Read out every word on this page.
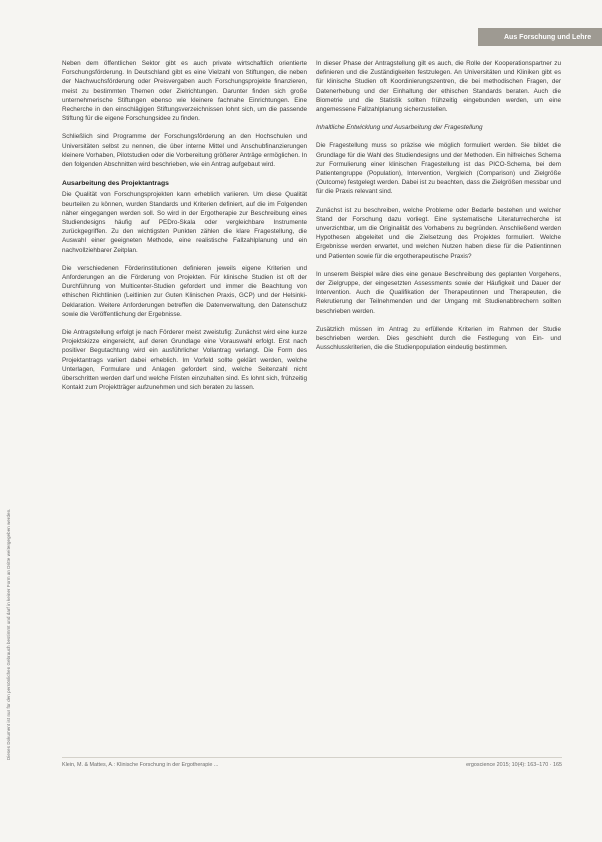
Aus Forschung und Lehre
Dieses Dokument ist nur für den persönlichen Gebrauch bestimmt und darf in keiner Form an Dritte weitergegeben werden.

Neben dem öffentlichen Sektor gibt es auch private wirtschaftlich orientierte Forschungsförderung. In Deutschland gibt es eine Vielzahl von Stiftungen, die neben der Nachwuchsförderung oder Preisvergaben auch Forschungsprojekte finanzieren, meist zu bestimmten Themen oder Zielrichtungen. Darunter finden sich große unternehmerische Stiftungen ebenso wie kleinere fachnahe Einrichtungen. Eine Recherche in den einschlägigen Stiftungsverzeichnissen lohnt sich, um die passende Stiftung für die eigene Forschungsidee zu finden.

Schließlich sind Programme der Forschungsförderung an den Hochschulen und Universitäten selbst zu nennen, die über interne Mittel und Anschubfinanzierungen kleinere Vorhaben, Pilotstudien oder die Vorbereitung größerer Anträge ermöglichen. In den folgenden Abschnitten wird beschrieben, wie ein Antrag aufgebaut wird.

Ausarbeitung des Projektantrags

Die Qualität von Forschungsprojekten kann erheblich variieren. Um diese Qualität beurteilen zu können, wurden Standards und Kriterien definiert, auf die im Folgenden näher eingegangen werden soll. So wird in der Ergotherapie zur Beschreibung eines Studiendesigns häufig auf PEDro-Skala oder vergleichbare Instrumente zurückgegriffen. Zu den wichtigsten Punkten zählen die klare Fragestellung, die Auswahl einer geeigneten Methode, eine realistische Fallzahlplanung und ein nachvollziehbarer Zeitplan.

Die verschiedenen Förderinstitutionen definieren jeweils eigene Kriterien und Anforderungen an die Förderung von Projekten. Für klinische Studien ist oft der Durchführung von Multicenter-Studien gefordert und immer die Beachtung von ethischen Richtlinien (Leitlinien zur Guten Klinischen Praxis, GCP) und der Helsinki-Deklaration. Weitere Anforderungen betreffen die Datenverwaltung, den Datenschutz sowie die Veröffentlichung der Ergebnisse.

Die Antragstellung erfolgt je nach Förderer meist zweistufig: Zunächst wird eine kurze Projektskizze eingereicht, auf deren Grundlage eine Vorauswahl erfolgt. Erst nach positiver Begutachtung wird ein ausführlicher Vollantrag verlangt. Die Form des Projektantrags variiert dabei erheblich. Im Vorfeld sollte geklärt werden, welche Unterlagen, Formulare und Anlagen gefordert sind, welche Seitenzahl nicht überschritten werden darf und welche Fristen einzuhalten sind. Es lohnt sich, frühzeitig Kontakt zum Projektträger aufzunehmen und sich beraten zu lassen.

In dieser Phase der Antragstellung gilt es auch, die Rolle der Kooperationspartner zu definieren und die Zuständigkeiten festzulegen. An Universitäten und Kliniken gibt es für klinische Studien oft Koordinierungszentren, die bei methodischen Fragen, der Datenerhebung und der Einhaltung der ethischen Standards beraten. Auch die Biometrie und die Statistik sollten frühzeitig eingebunden werden, um eine angemessene Fallzahlplanung sicherzustellen.

Inhaltliche Entwicklung und Ausarbeitung der Fragestellung

Die Fragestellung muss so präzise wie möglich formuliert werden. Sie bildet die Grundlage für die Wahl des Studiendesigns und der Methoden. Ein hilfreiches Schema zur Formulierung einer klinischen Fragestellung ist das PICO-Schema, bei dem Patientengruppe (Population), Intervention, Vergleich (Comparison) und Zielgröße (Outcome) festgelegt werden. Dabei ist zu beachten, dass die Zielgrößen messbar und für die Praxis relevant sind.

Zunächst ist zu beschreiben, welche Probleme oder Bedarfe bestehen und welcher Stand der Forschung dazu vorliegt. Eine systematische Literaturrecherche ist unverzichtbar, um die Originalität des Vorhabens zu begründen. Anschließend werden Hypothesen abgeleitet und die Zielsetzung des Projektes formuliert. Welche Ergebnisse werden erwartet, und welchen Nutzen haben diese für die Patientinnen und Patienten sowie für die ergotherapeutische Praxis?

In unserem Beispiel wäre dies eine genaue Beschreibung des geplanten Vorgehens, der Zielgruppe, der eingesetzten Assessments sowie der Häufigkeit und Dauer der Intervention. Auch die Qualifikation der Therapeutinnen und Therapeuten, die Rekrutierung der Teilnehmenden und der Umgang mit Studienabbrechern sollten beschrieben werden.

Zusätzlich müssen im Antrag zu erfüllende Kriterien im Rahmen der Studie beschrieben werden. Dies geschieht durch die Festlegung von Ein- und Ausschlusskriterien, die die Studienpopulation eindeutig bestimmen.

Klein, M. & Mattes, A.: Klinische Forschung in der Ergotherapie ...	ergoscience 2015; 10(4): 163–170 · 165
